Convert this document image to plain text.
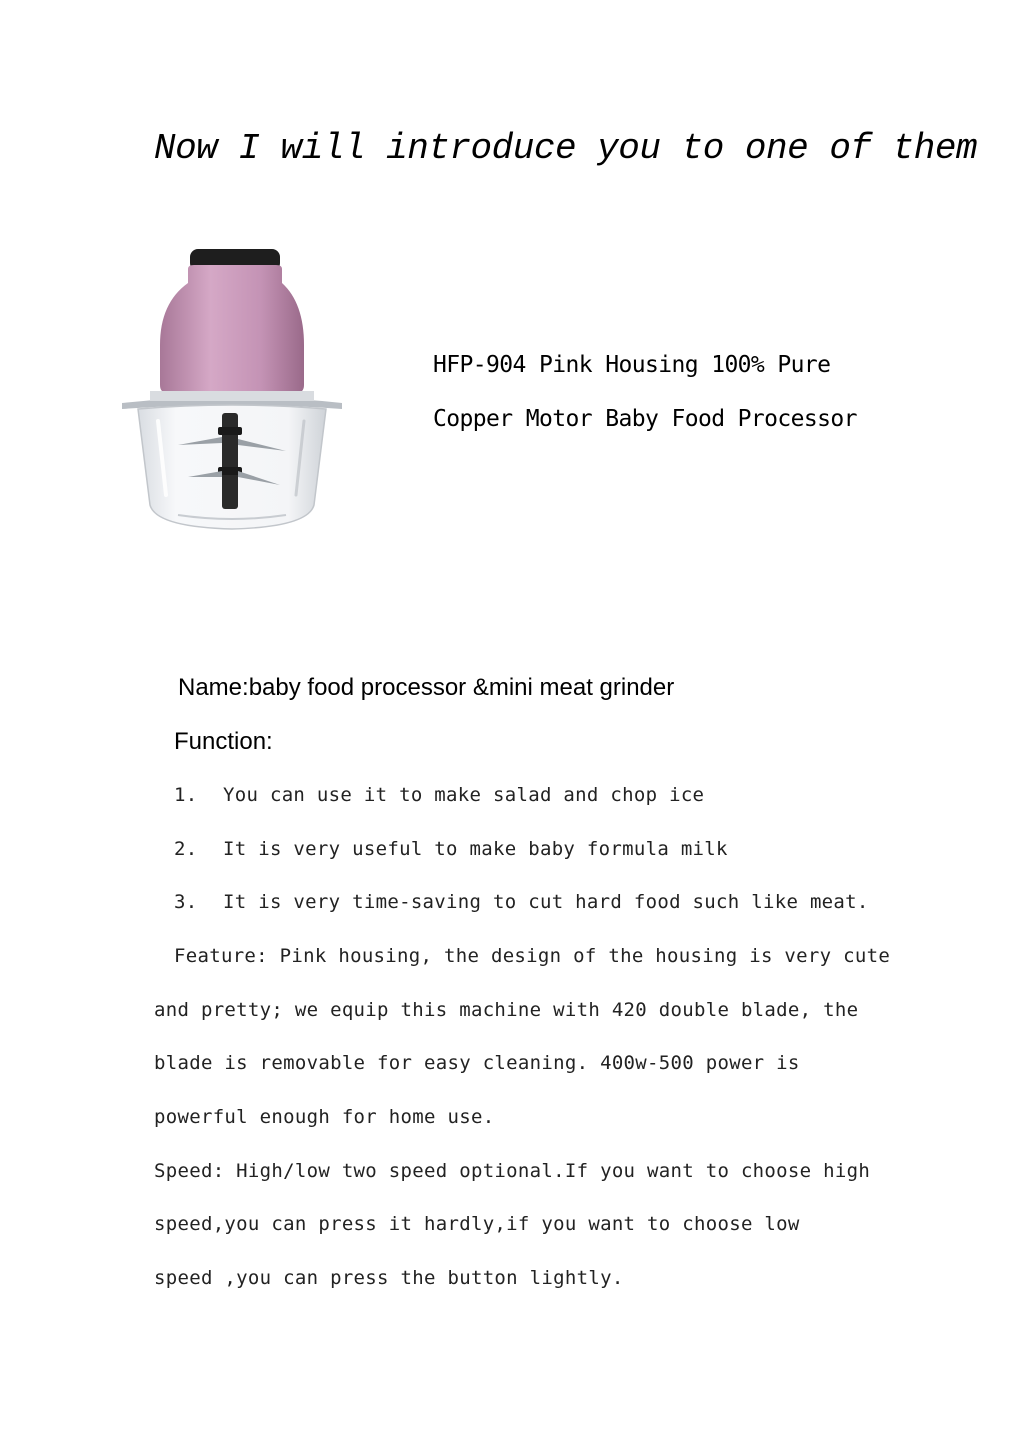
Now I will introduce you to one of them
HFP-904 Pink Housing 100% Pure
Copper Motor Baby Food Processor
Name:baby food processor &mini meat grinder
Function:
1. You can use it to make salad and chop ice
2. It is very useful to make baby formula milk
3. It is very time-saving to cut hard food such like meat.
Feature: Pink housing, the design of the housing is very cute
and pretty; we equip this machine with 420 double blade, the
blade is removable for easy cleaning. 400w-500 power is
powerful enough for home use.
Speed: High/low two speed optional.If you want to choose high
speed,you can press it hardly,if you want to choose low
speed ,you can press the button lightly.
